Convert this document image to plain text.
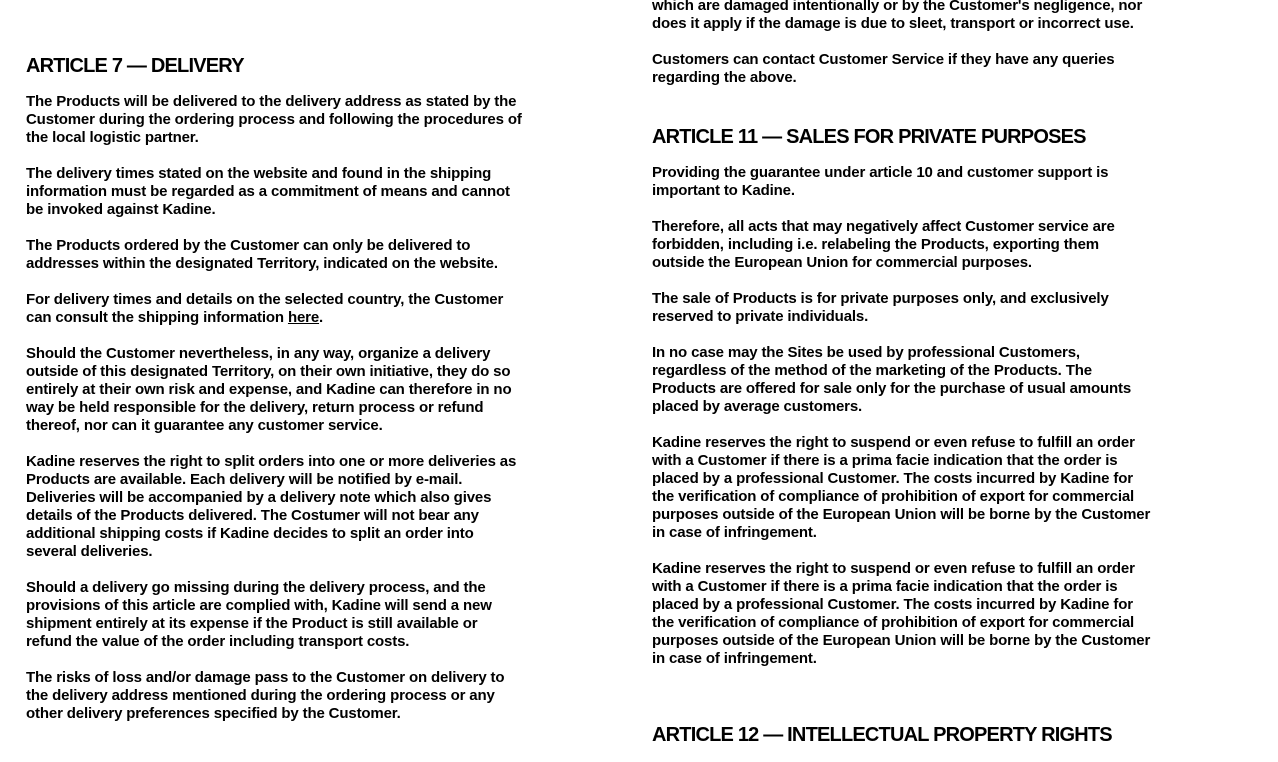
ARTICLE 7 — DELIVERY

The Products will be delivered to the delivery address as stated by the Customer during the ordering process and following the procedures of the local logistic partner.

The delivery times stated on the website and found in the shipping information must be regarded as a commitment of means and cannot be invoked against Kadine.

The Products ordered by the Customer can only be delivered to addresses within the designated Territory, indicated on the website.

For delivery times and details on the selected country, the Customer can consult the shipping information here.

Should the Customer nevertheless, in any way, organize a delivery outside of this designated Territory, on their own initiative, they do so entirely at their own risk and expense, and Kadine can therefore in no way be held responsible for the delivery, return process or refund thereof, nor can it guarantee any customer service.

Kadine reserves the right to split orders into one or more deliveries as Products are available. Each delivery will be notified by e-mail. Deliveries will be accompanied by a delivery note which also gives details of the Products delivered. The Costumer will not bear any additional shipping costs if Kadine decides to split an order into several deliveries.

Should a delivery go missing during the delivery process, and the provisions of this article are complied with, Kadine will send a new shipment entirely at its expense if the Product is still available or refund the value of the order including transport costs.

The risks of loss and/or damage pass to the Customer on delivery to the delivery address mentioned during the ordering process or any other delivery preferences specified by the Customer.

which are damaged intentionally or by the Customer's negligence, nor does it apply if the damage is due to sleet, transport or incorrect use.

Customers can contact Customer Service if they have any queries regarding the above.

ARTICLE 11 — SALES FOR PRIVATE PURPOSES

Providing the guarantee under article 10 and customer support is important to Kadine.

Therefore, all acts that may negatively affect Customer service are forbidden, including i.e. relabeling the Products, exporting them outside the European Union for commercial purposes.

The sale of Products is for private purposes only, and exclusively reserved to private individuals.

In no case may the Sites be used by professional Customers, regardless of the method of the marketing of the Products. The Products are offered for sale only for the purchase of usual amounts placed by average customers.

Kadine reserves the right to suspend or even refuse to fulfill an order with a Customer if there is a prima facie indication that the order is placed by a professional Customer. The costs incurred by Kadine for the verification of compliance of prohibition of export for commercial purposes outside of the European Union will be borne by the Customer in case of infringement.

Kadine reserves the right to suspend or even refuse to fulfill an order with a Customer if there is a prima facie indication that the order is placed by a professional Customer. The costs incurred by Kadine for the verification of compliance of prohibition of export for commercial purposes outside of the European Union will be borne by the Customer in case of infringement.

ARTICLE 12 — INTELLECTUAL PROPERTY RIGHTS
